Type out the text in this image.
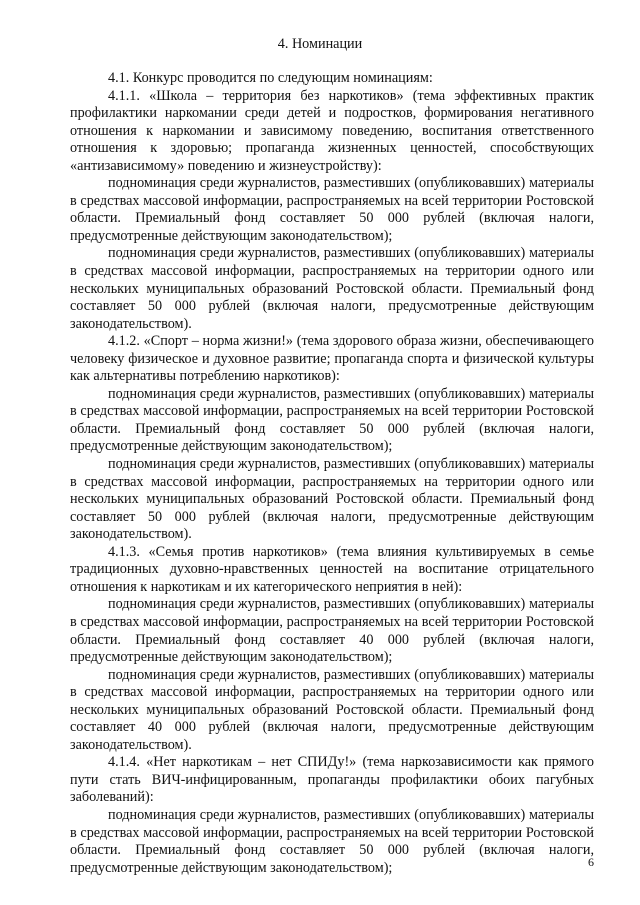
4. Номинации

4.1. Конкурс проводится по следующим номинациям:

4.1.1. «Школа – территория без наркотиков» (тема эффективных практик профилактики наркомании среди детей и подростков, формирования негативного отношения к наркомании и зависимому поведению, воспитания ответственного отношения к здоровью; пропаганда жизненных ценностей, способствующих «антизависимому» поведению и жизнеустройству):

подноминация среди журналистов, разместивших (опубликовавших) материалы в средствах массовой информации, распространяемых на всей территории Ростовской области. Премиальный фонд составляет 50 000 рублей (включая налоги, предусмотренные действующим законодательством);

подноминация среди журналистов, разместивших (опубликовавших) материалы в средствах массовой информации, распространяемых на территории одного или нескольких муниципальных образований Ростовской области. Премиальный фонд составляет 50 000 рублей (включая налоги, предусмотренные действующим законодательством).

4.1.2. «Спорт – норма жизни!» (тема здорового образа жизни, обеспечивающего человеку физическое и духовное развитие; пропаганда спорта и физической культуры как альтернативы потреблению наркотиков):

подноминация среди журналистов, разместивших (опубликовавших) материалы в средствах массовой информации, распространяемых на всей территории Ростовской области. Премиальный фонд составляет 50 000 рублей (включая налоги, предусмотренные действующим законодательством);

подноминация среди журналистов, разместивших (опубликовавших) материалы в средствах массовой информации, распространяемых на территории одного или нескольких муниципальных образований Ростовской области. Премиальный фонд составляет 50 000 рублей (включая налоги, предусмотренные действующим законодательством).

4.1.3. «Семья против наркотиков» (тема влияния культивируемых в семье традиционных духовно-нравственных ценностей на воспитание отрицательного отношения к наркотикам и их категорического неприятия в ней):

подноминация среди журналистов, разместивших (опубликовавших) материалы в средствах массовой информации, распространяемых на всей территории Ростовской области. Премиальный фонд составляет 40 000 рублей (включая налоги, предусмотренные действующим законодательством);

подноминация среди журналистов, разместивших (опубликовавших) материалы в средствах массовой информации, распространяемых на территории одного или нескольких муниципальных образований Ростовской области. Премиальный фонд составляет 40 000 рублей (включая налоги, предусмотренные действующим законодательством).

4.1.4. «Нет наркотикам – нет СПИДу!» (тема наркозависимости как прямого пути стать ВИЧ-инфицированным, пропаганды профилактики обоих пагубных заболеваний):

подноминация среди журналистов, разместивших (опубликовавших) материалы в средствах массовой информации, распространяемых на всей территории Ростовской области. Премиальный фонд составляет 50 000 рублей (включая налоги, предусмотренные действующим законодательством);	6
